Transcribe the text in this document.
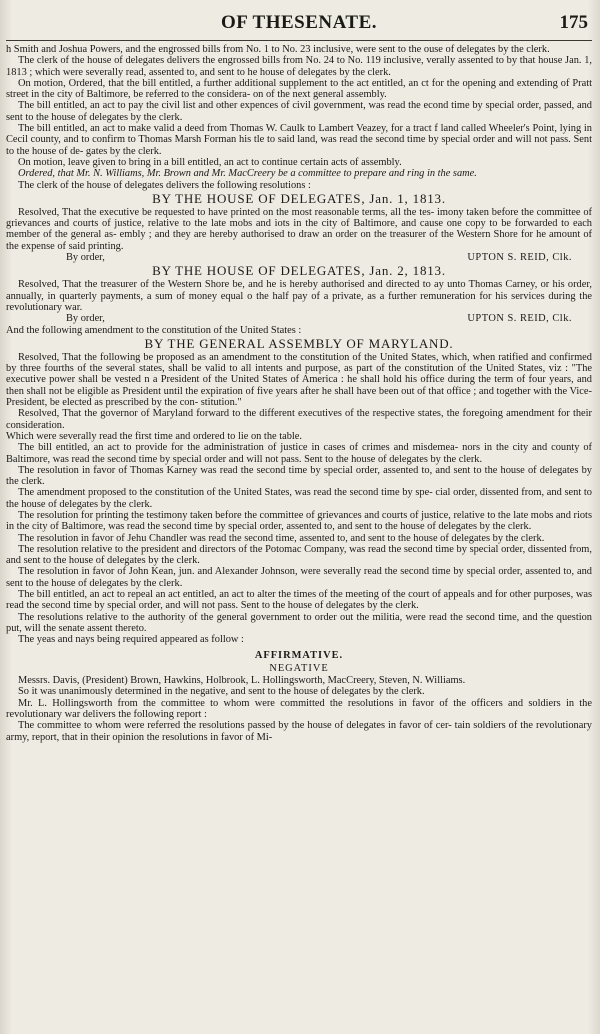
OF THESENATE.	175

h Smith and Joshua Powers, and the engrossed bills from No. 1 to No. 23 inclusive, were sent to the ouse of delegates by the clerk.

The clerk of the house of delegates delivers the engrossed bills from No. 24 to No. 119 inclusive, verally assented to by that house Jan. 1, 1813 ; which were severally read, assented to, and sent to he house of delegates by the clerk.

On motion, Ordered, that the bill entitled, a further additional supplement to the act entitled, an ct for the opening and extending of Pratt street in the city of Baltimore, be referred to the considera- on of the next general assembly.

The bill entitled, an act to pay the civil list and other expences of civil government, was read the econd time by special order, passed, and sent to the house of delegates by the clerk.

The bill entitled, an act to make valid a deed from Thomas W. Caulk to Lambert Veazey, for a tract f land called Wheeler's Point, lying in Cecil county, and to confirm to Thomas Marsh Forman his tle to said land, was read the second time by special order and will not pass. Sent to the house of de- gates by the clerk.

On motion, leave given to bring in a bill entitled, an act to continue certain acts of assembly.

Ordered, that Mr. N. Williams, Mr. Brown and Mr. MacCreery be a committee to prepare and ring in the same.

The clerk of the house of delegates delivers the following resolutions :

BY THE HOUSE OF DELEGATES, Jan. 1, 1813.

Resolved, That the executive be requested to have printed on the most reasonable terms, all the tes- imony taken before the committee of grievances and courts of justice, relative to the late mobs and iots in the city of Baltimore, and cause one copy to be forwarded to each member of the general as- embly ; and they are hereby authorised to draw an order on the treasurer of the Western Shore for he amount of the expense of said printing.

By order,	UPTON S. REID, Clk.

BY THE HOUSE OF DELEGATES, Jan. 2, 1813.

Resolved, That the treasurer of the Western Shore be, and he is hereby authorised and directed to ay unto Thomas Carney, or his order, annually, in quarterly payments, a sum of money equal o the half pay of a private, as a further remuneration for his services during the revolutionary war.

By order,	UPTON S. REID, Clk.

And the following amendment to the constitution of the United States :

BY THE GENERAL ASSEMBLY OF MARYLAND.

Resolved, That the following be proposed as an amendment to the constitution of the United States, which, when ratified and confirmed by three fourths of the several states, shall be valid to all intents and purpose, as part of the constitution of the United States, viz : "The executive power shall be vested n a President of the United States of America : he shall hold his office during the term of four years, and then shall not be eligible as President until the expiration of five years after he shall have been out of that office ; and together with the Vice-President, be elected as prescribed by the con- stitution."

Resolved, That the governor of Maryland forward to the different executives of the respective states, the foregoing amendment for their consideration.

Which were severally read the first time and ordered to lie on the table.

The bill entitled, an act to provide for the administration of justice in cases of crimes and misdemea- nors in the city and county of Baltimore, was read the second time by special order and will not pass. Sent to the house of delegates by the clerk.

The resolution in favor of Thomas Karney was read the second time by special order, assented to, and sent to the house of delegates by the clerk.

The amendment proposed to the constitution of the United States, was read the second time by spe- cial order, dissented from, and sent to the house of delegates by the clerk.

The resolution for printing the testimony taken before the committee of grievances and courts of justice, relative to the late mobs and riots in the city of Baltimore, was read the second time by special order, assented to, and sent to the house of delegates by the clerk.

The resolution in favor of Jehu Chandler was read the second time, assented to, and sent to the house of delegates by the clerk.

The resolution relative to the president and directors of the Potomac Company, was read the second time by special order, dissented from, and sent to the house of delegates by the clerk.

The resolution in favor of John Kean, jun. and Alexander Johnson, were severally read the second time by special order, assented to, and sent to the house of delegates by the clerk.

The bill entitled, an act to repeal an act entitled, an act to alter the times of the meeting of the court of appeals and for other purposes, was read the second time by special order, and will not pass. Sent to the house of delegates by the clerk.

The resolutions relative to the authority of the general government to order out the militia, were read the second time, and the question put, will the senate assent thereto.

The yeas and nays being required appeared as follow :

AFFIRMATIVE.

NEGATIVE

Messrs. Davis, (President) Brown, Hawkins, Holbrook, L. Hollingsworth, MacCreery, Steven, N. Williams.

So it was unanimously determined in the negative, and sent to the house of delegates by the clerk.

Mr. L. Hollingsworth from the committee to whom were committed the resolutions in favor of the officers and soldiers in the revolutionary war delivers the following report :

The committee to whom were referred the resolutions passed by the house of delegates in favor of cer- tain soldiers of the revolutionary army, report, that in their opinion the resolutions in favor of Mi-
